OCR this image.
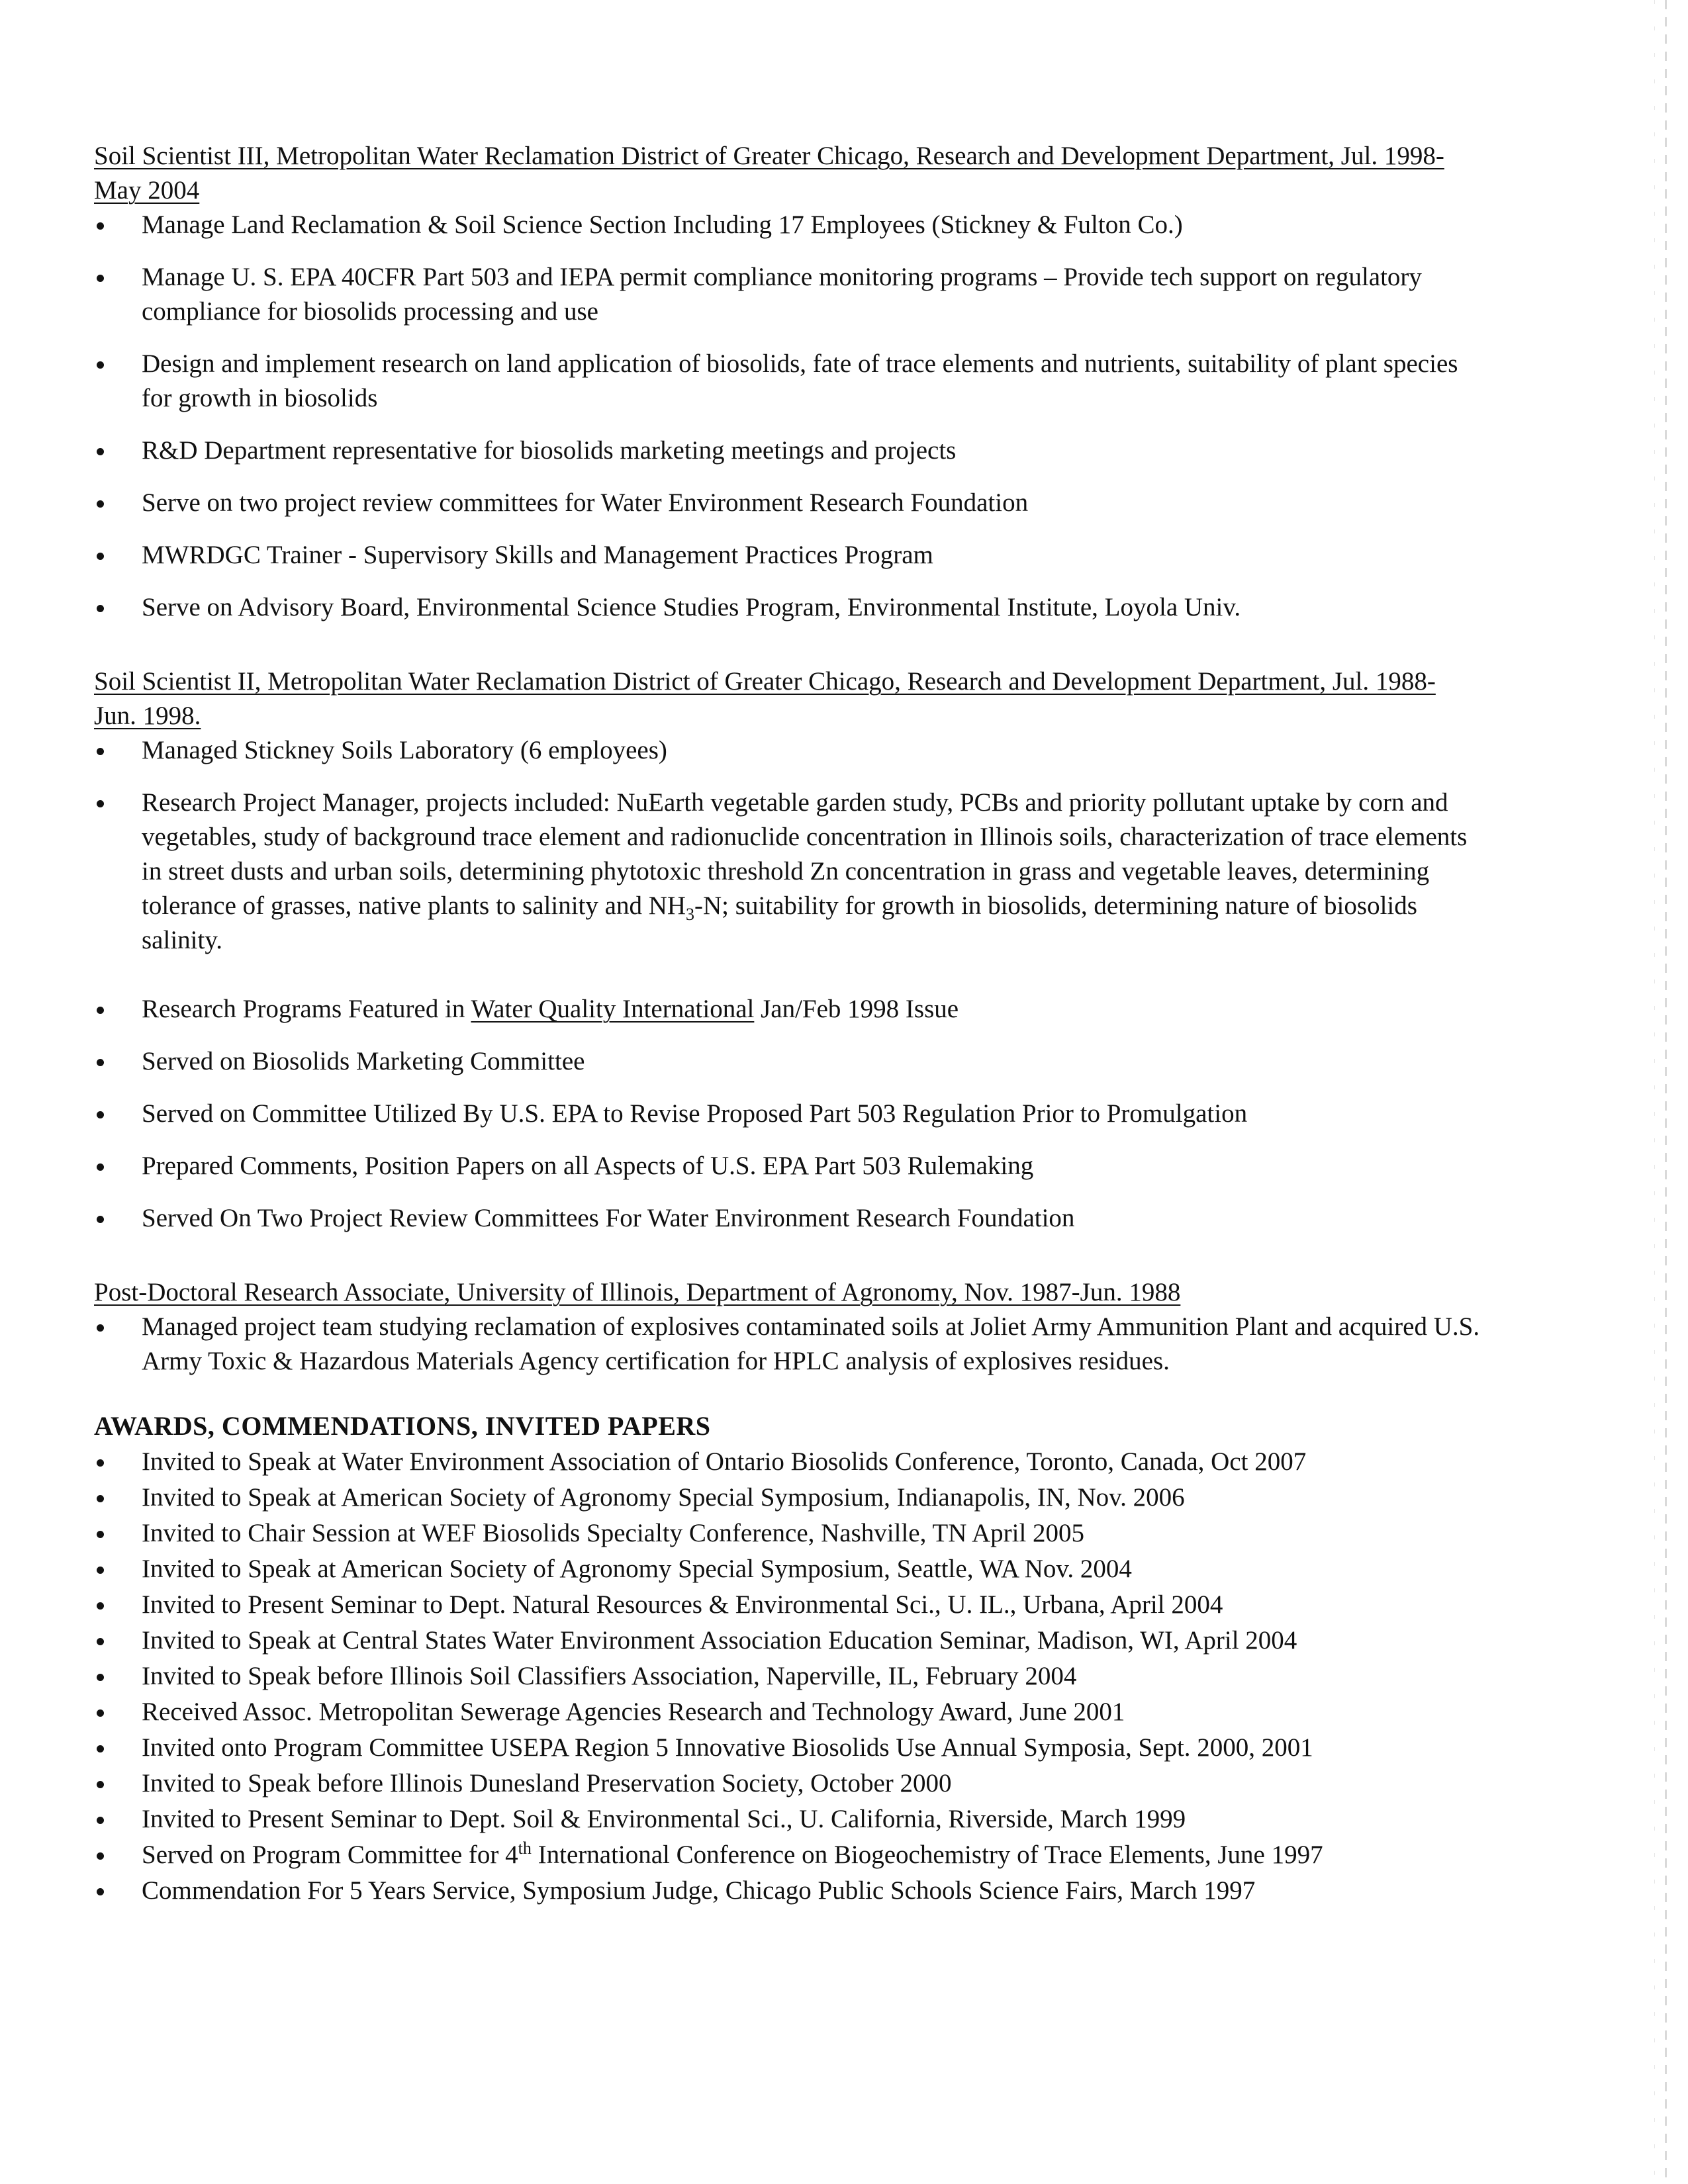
Soil Scientist III, Metropolitan Water Reclamation District of Greater Chicago, Research and Development Department, Jul. 1998-May 2004

Manage Land Reclamation & Soil Science Section Including 17 Employees (Stickney & Fulton Co.)
Manage U. S. EPA 40CFR Part 503 and IEPA permit compliance monitoring programs – Provide tech support on regulatory compliance for biosolids processing and use
Design and implement research on land application of biosolids, fate of trace elements and nutrients, suitability of plant species for growth in biosolids
R&D Department representative for biosolids marketing meetings and projects
Serve on two project review committees for Water Environment Research Foundation
MWRDGC Trainer - Supervisory Skills and Management Practices Program
Serve on Advisory Board, Environmental Science Studies Program, Environmental Institute, Loyola Univ.

Soil Scientist II, Metropolitan Water Reclamation District of Greater Chicago, Research and Development Department, Jul. 1988-Jun. 1998.

Managed Stickney Soils Laboratory (6 employees)
Research Project Manager, projects included: NuEarth vegetable garden study, PCBs and priority pollutant uptake by corn and vegetables, study of background trace element and radionuclide concentration in Illinois soils, characterization of trace elements in street dusts and urban soils, determining phytotoxic threshold Zn concentration in grass and vegetable leaves, determining tolerance of grasses, native plants to salinity and $NH_3-N$; suitability for growth in biosolids, determining nature of biosolids salinity.
Research Programs Featured in Water Quality International Jan/Feb 1998 Issue
Served on Biosolids Marketing Committee
Served on Committee Utilized By U.S. EPA to Revise Proposed Part 503 Regulation Prior to Promulgation
Prepared Comments, Position Papers on all Aspects of U.S. EPA Part 503 Rulemaking
Served On Two Project Review Committees For Water Environment Research Foundation

Post-Doctoral Research Associate, University of Illinois, Department of Agronomy, Nov. 1987-Jun. 1988

Managed project team studying reclamation of explosives contaminated soils at Joliet Army Ammunition Plant and acquired U.S. Army Toxic & Hazardous Materials Agency certification for HPLC analysis of explosives residues.

AWARDS, COMMENDATIONS, INVITED PAPERS

Invited to Speak at Water Environment Association of Ontario Biosolids Conference, Toronto, Canada, Oct 2007
Invited to Speak at American Society of Agronomy Special Symposium, Indianapolis, IN, Nov. 2006
Invited to Chair Session at WEF Biosolids Specialty Conference, Nashville, TN April 2005
Invited to Speak at American Society of Agronomy Special Symposium, Seattle, WA Nov. 2004
Invited to Present Seminar to Dept. Natural Resources & Environmental Sci., U. IL., Urbana, April 2004
Invited to Speak at Central States Water Environment Association Education Seminar, Madison, WI, April 2004
Invited to Speak before Illinois Soil Classifiers Association, Naperville, IL, February 2004
Received Assoc. Metropolitan Sewerage Agencies Research and Technology Award, June 2001
Invited onto Program Committee USEPA Region 5 Innovative Biosolids Use Annual Symposia, Sept. 2000, 2001
Invited to Speak before Illinois Dunesland Preservation Society, October 2000
Invited to Present Seminar to Dept. Soil & Environmental Sci., U. California, Riverside, March 1999
Served on Program Committee for 4th International Conference on Biogeochemistry of Trace Elements, June 1997
Commendation For 5 Years Service, Symposium Judge, Chicago Public Schools Science Fairs, March 1997
